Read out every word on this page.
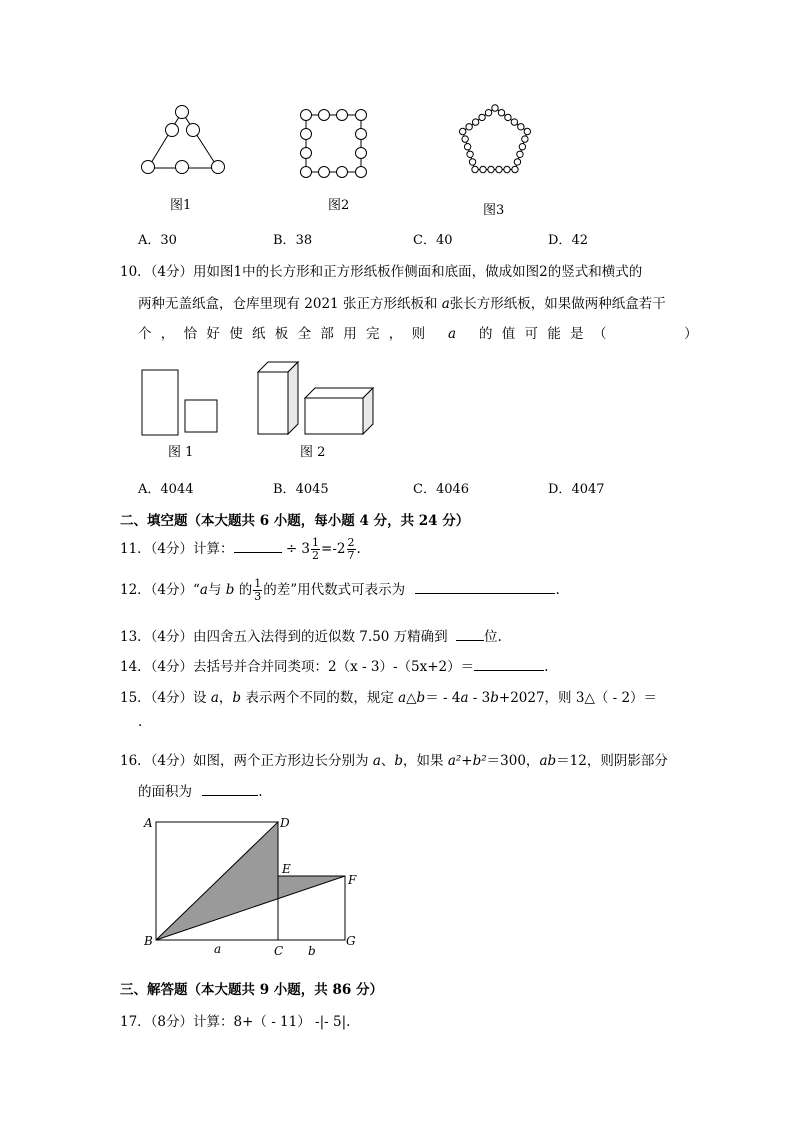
图1	图2	图3
A．30	B．38	C．40	D．42
10．（4分）用如图1中的长方形和正方形纸板作侧面和底面，做成如图2的竖式和横式的
两种无盖纸盒，仓库里现有 2021 张正方形纸板和 a张长方形纸板，如果做两种纸盒若干
个，恰好使纸板全部用完，则 a 的值可能是（　　　）
图 1	图 2
A．4044	B．4045	C．4046	D．4047
二、填空题（本大题共 6 小题，每小题 4 分，共 24 分）
11．（4分）计算：	÷ $3 \frac{1}{2} =-2 \frac{2}{7}$ .
12．（4分）“a与 b 的 $\frac{1}{3}$ 的差”用代数式可表示为	.
13．（4分）由四舍五入法得到的近似数 7.50 万精确到	位.
14．（4分）去括号并合并同类项：2（x - 3）-（5x+2）＝	.
15．（4分）设 a，b 表示两个不同的数，规定 a△b＝ - 4a - 3b+2027，则 3△（ - 2）＝
.
16．（4分）如图，两个正方形边长分别为 a、b，如果 a²+b²＝300，ab＝12，则阴影部分
的面积为	.
A	D
E
F
B
C
G
a	b
三、解答题（本大题共 9 小题，共 86 分）
17．（8分）计算：8+（ - 11） -|- 5|.
